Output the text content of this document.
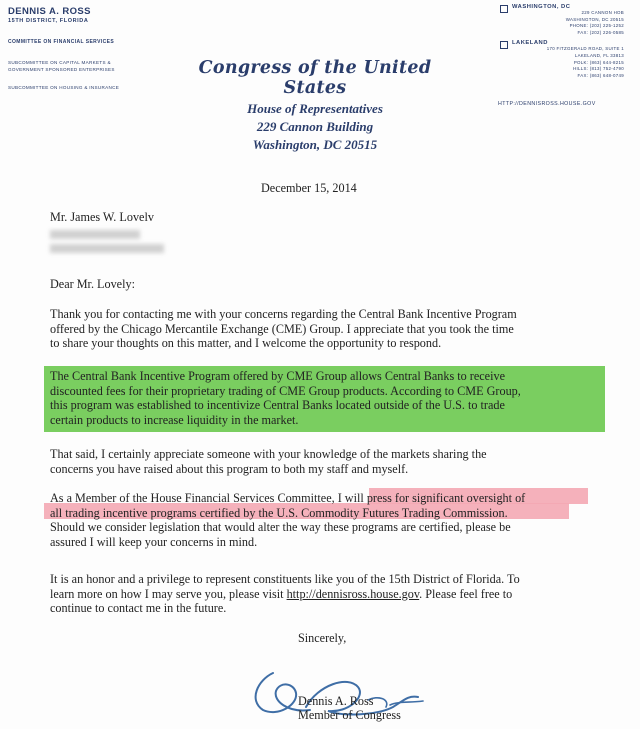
DENNIS A. ROSS
15TH DISTRICT, FLORIDA
COMMITTEE ON FINANCIAL SERVICES
SUBCOMMITTEE ON CAPITAL MARKETS &
GOVERNMENT SPONSORED ENTERPRISES
SUBCOMMITTEE ON HOUSING & INSURANCE
Congress of the United States
House of Representatives
229 Cannon Building
Washington, DC 20515
WASHINGTON, DC
229 CANNON HOB
WASHINGTON, DC 20515
PHONE: (202) 225-1252
FAX: (202) 226-0585
LAKELAND
170 FITZGERALD ROAD, SUITE 1
LAKELAND, FL 33813
POLK: (863) 644-8215
HILLS: (813) 752-4790
FAX: (863) 648-0749
HTTP://DENNISROSS.HOUSE.GOV
December 15, 2014
Mr. James W. Lovelv
Dear Mr. Lovely:
Thank you for contacting me with your concerns regarding the Central Bank Incentive Program
offered by the Chicago Mercantile Exchange (CME) Group. I appreciate that you took the time
to share your thoughts on this matter, and I welcome the opportunity to respond.
The Central Bank Incentive Program offered by CME Group allows Central Banks to receive
discounted fees for their proprietary trading of CME Group products. According to CME Group,
this program was established to incentivize Central Banks located outside of the U.S. to trade
certain products to increase liquidity in the market.
That said, I certainly appreciate someone with your knowledge of the markets sharing the
concerns you have raised about this program to both my staff and myself.
As a Member of the House Financial Services Committee, I will press for significant oversight of
all trading incentive programs certified by the U.S. Commodity Futures Trading Commission.
Should we consider legislation that would alter the way these programs are certified, please be
assured I will keep your concerns in mind.
It is an honor and a privilege to represent constituents like you of the 15th District of Florida. To
learn more on how I may serve you, please visit http://dennisross.house.gov. Please feel free to
continue to contact me in the future.
Sincerely,
Dennis A. Ross
Member of Congress
